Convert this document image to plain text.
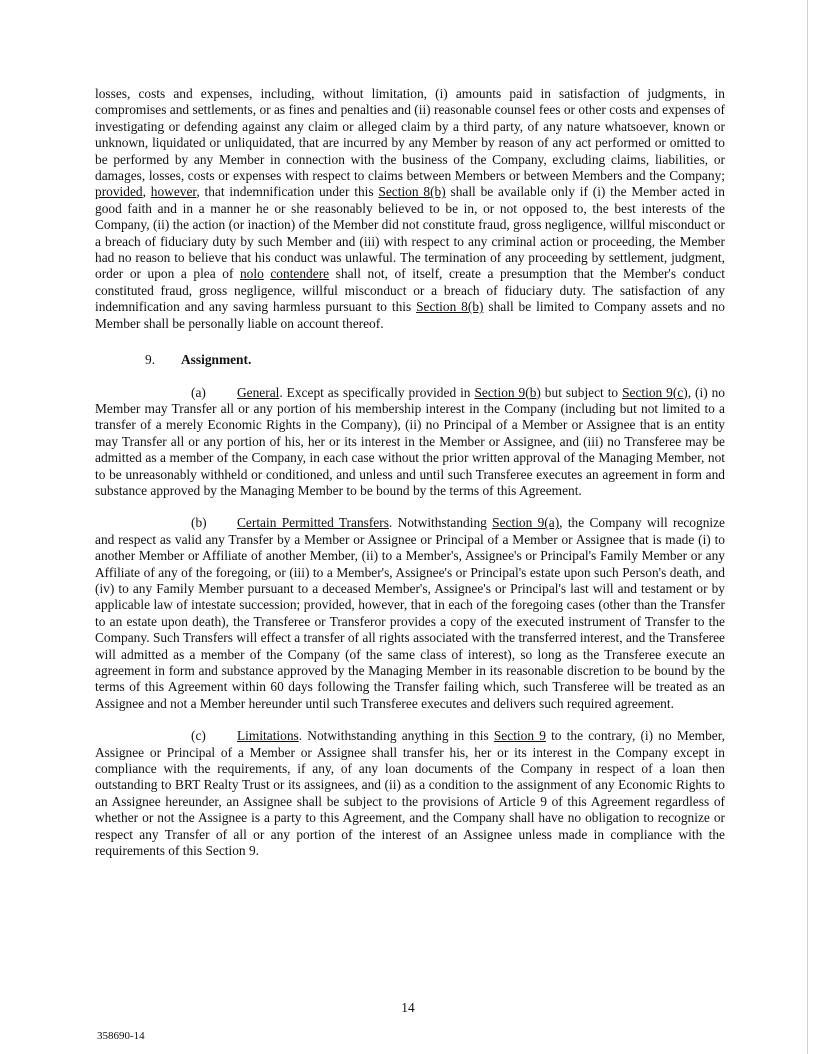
losses, costs and expenses, including, without limitation, (i) amounts paid in satisfaction of judgments, in compromises and settlements, or as fines and penalties and (ii) reasonable counsel fees or other costs and expenses of investigating or defending against any claim or alleged claim by a third party, of any nature whatsoever, known or unknown, liquidated or unliquidated, that are incurred by any Member by reason of any act performed or omitted to be performed by any Member in connection with the business of the Company, excluding claims, liabilities, or damages, losses, costs or expenses with respect to claims between Members or between Members and the Company; provided, however, that indemnification under this Section 8(b) shall be available only if (i) the Member acted in good faith and in a manner he or she reasonably believed to be in, or not opposed to, the best interests of the Company, (ii) the action (or inaction) of the Member did not constitute fraud, gross negligence, willful misconduct or a breach of fiduciary duty by such Member and (iii) with respect to any criminal action or proceeding, the Member had no reason to believe that his conduct was unlawful. The termination of any proceeding by settlement, judgment, order or upon a plea of nolo contendere shall not, of itself, create a presumption that the Member's conduct constituted fraud, gross negligence, willful misconduct or a breach of fiduciary duty. The satisfaction of any indemnification and any saving harmless pursuant to this Section 8(b) shall be limited to Company assets and no Member shall be personally liable on account thereof.

9. Assignment.

(a) General. Except as specifically provided in Section 9(b) but subject to Section 9(c), (i) no Member may Transfer all or any portion of his membership interest in the Company (including but not limited to a transfer of a merely Economic Rights in the Company), (ii) no Principal of a Member or Assignee that is an entity may Transfer all or any portion of his, her or its interest in the Member or Assignee, and (iii) no Transferee may be admitted as a member of the Company, in each case without the prior written approval of the Managing Member, not to be unreasonably withheld or conditioned, and unless and until such Transferee executes an agreement in form and substance approved by the Managing Member to be bound by the terms of this Agreement.

(b) Certain Permitted Transfers. Notwithstanding Section 9(a), the Company will recognize and respect as valid any Transfer by a Member or Assignee or Principal of a Member or Assignee that is made (i) to another Member or Affiliate of another Member, (ii) to a Member's, Assignee's or Principal's Family Member or any Affiliate of any of the foregoing, or (iii) to a Member's, Assignee's or Principal's estate upon such Person's death, and (iv) to any Family Member pursuant to a deceased Member's, Assignee's or Principal's last will and testament or by applicable law of intestate succession; provided, however, that in each of the foregoing cases (other than the Transfer to an estate upon death), the Transferee or Transferor provides a copy of the executed instrument of Transfer to the Company. Such Transfers will effect a transfer of all rights associated with the transferred interest, and the Transferee will admitted as a member of the Company (of the same class of interest), so long as the Transferee execute an agreement in form and substance approved by the Managing Member in its reasonable discretion to be bound by the terms of this Agreement within 60 days following the Transfer failing which, such Transferee will be treated as an Assignee and not a Member hereunder until such Transferee executes and delivers such required agreement.

(c) Limitations. Notwithstanding anything in this Section 9 to the contrary, (i) no Member, Assignee or Principal of a Member or Assignee shall transfer his, her or its interest in the Company except in compliance with the requirements, if any, of any loan documents of the Company in respect of a loan then outstanding to BRT Realty Trust or its assignees, and (ii) as a condition to the assignment of any Economic Rights to an Assignee hereunder, an Assignee shall be subject to the provisions of Article 9 of this Agreement regardless of whether or not the Assignee is a party to this Agreement, and the Company shall have no obligation to recognize or respect any Transfer of all or any portion of the interest of an Assignee unless made in compliance with the requirements of this Section 9.

14
358690-14
